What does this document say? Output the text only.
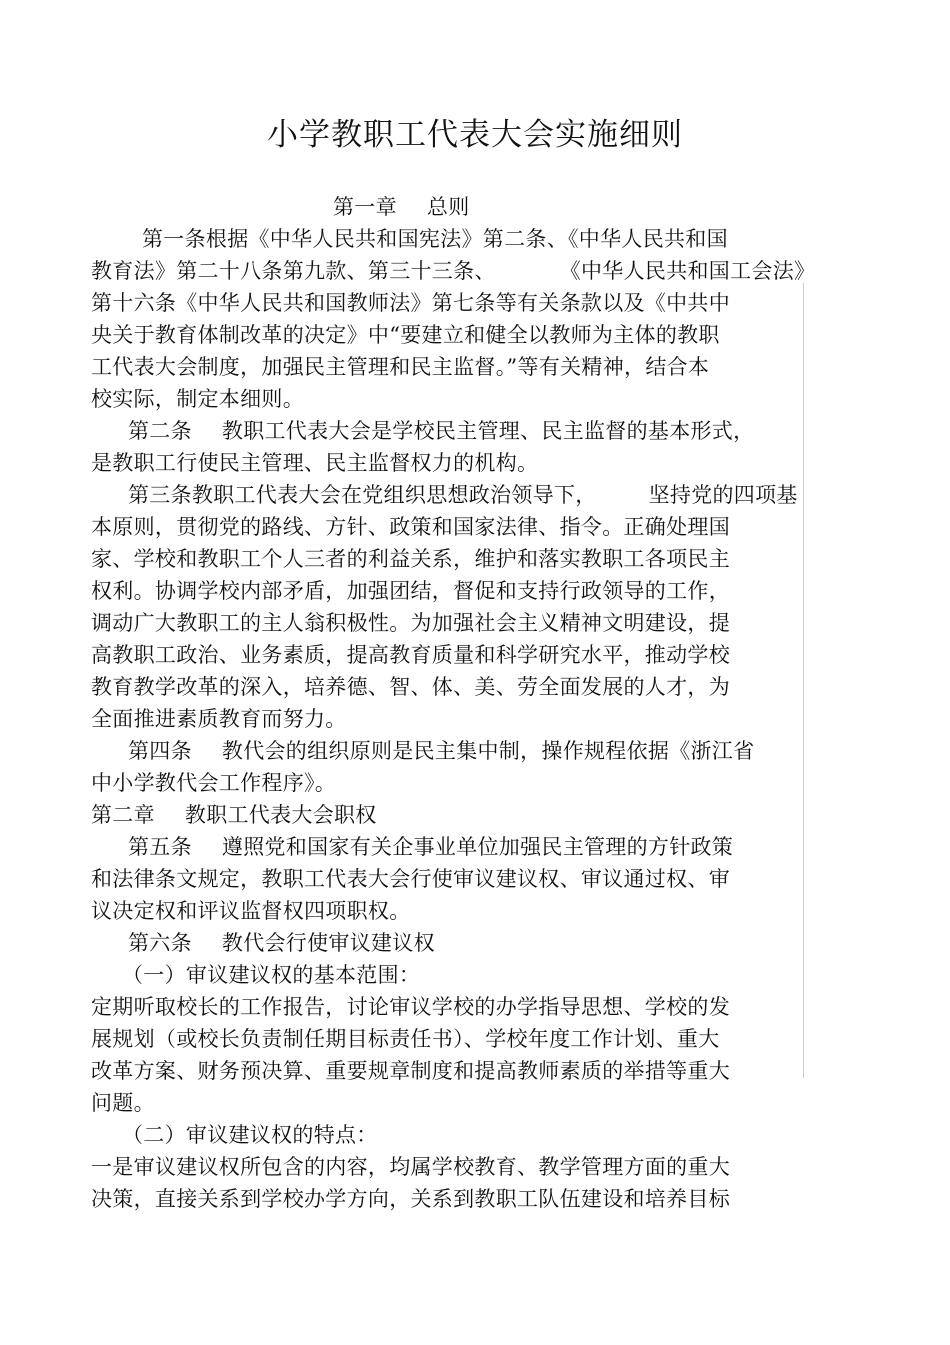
小学教职工代表大会实施细则
第一章 总则
第一条根据《中华人民共和国宪法》第二条、《中华人民共和国
教育法》第二十八条第九款、第三十三条、	《中华人民共和国工会法》
第十六条《中华人民共和国教师法》第七条等有关条款以及《中共中
央关于教育体制改革的决定》中“要建立和健全以教师为主体的教职
工代表大会制度，加强民主管理和民主监督。”等有关精神，结合本
校实际，制定本细则。
第二条 教职工代表大会是学校民主管理、民主监督的基本形式，
是教职工行使民主管理、民主监督权力的机构。
第三条教职工代表大会在党组织思想政治领导下， 坚持党的四项基
本原则，贯彻党的路线、方针、政策和国家法律、指令。正确处理国
家、学校和教职工个人三者的利益关系，维护和落实教职工各项民主
权利。协调学校内部矛盾，加强团结，督促和支持行政领导的工作，
调动广大教职工的主人翁积极性。为加强社会主义精神文明建设，提
高教职工政治、业务素质，提高教育质量和科学研究水平，推动学校
教育教学改革的深入，培养德、智、体、美、劳全面发展的人才，为
全面推进素质教育而努力。
第四条 教代会的组织原则是民主集中制，操作规程依据《浙江省
中小学教代会工作程序》。
第二章 教职工代表大会职权
第五条 遵照党和国家有关企事业单位加强民主管理的方针政策
和法律条文规定，教职工代表大会行使审议建议权、审议通过权、审
议决定权和评议监督权四项职权。
第六条 教代会行使审议建议权
（一）审议建议权的基本范围：
定期听取校长的工作报告，讨论审议学校的办学指导思想、学校的发
展规划（或校长负责制任期目标责任书）、学校年度工作计划、重大
改革方案、财务预决算、重要规章制度和提高教师素质的举措等重大
问题。
（二）审议建议权的特点：
一是审议建议权所包含的内容，均属学校教育、教学管理方面的重大
决策，直接关系到学校办学方向，关系到教职工队伍建设和培养目标
